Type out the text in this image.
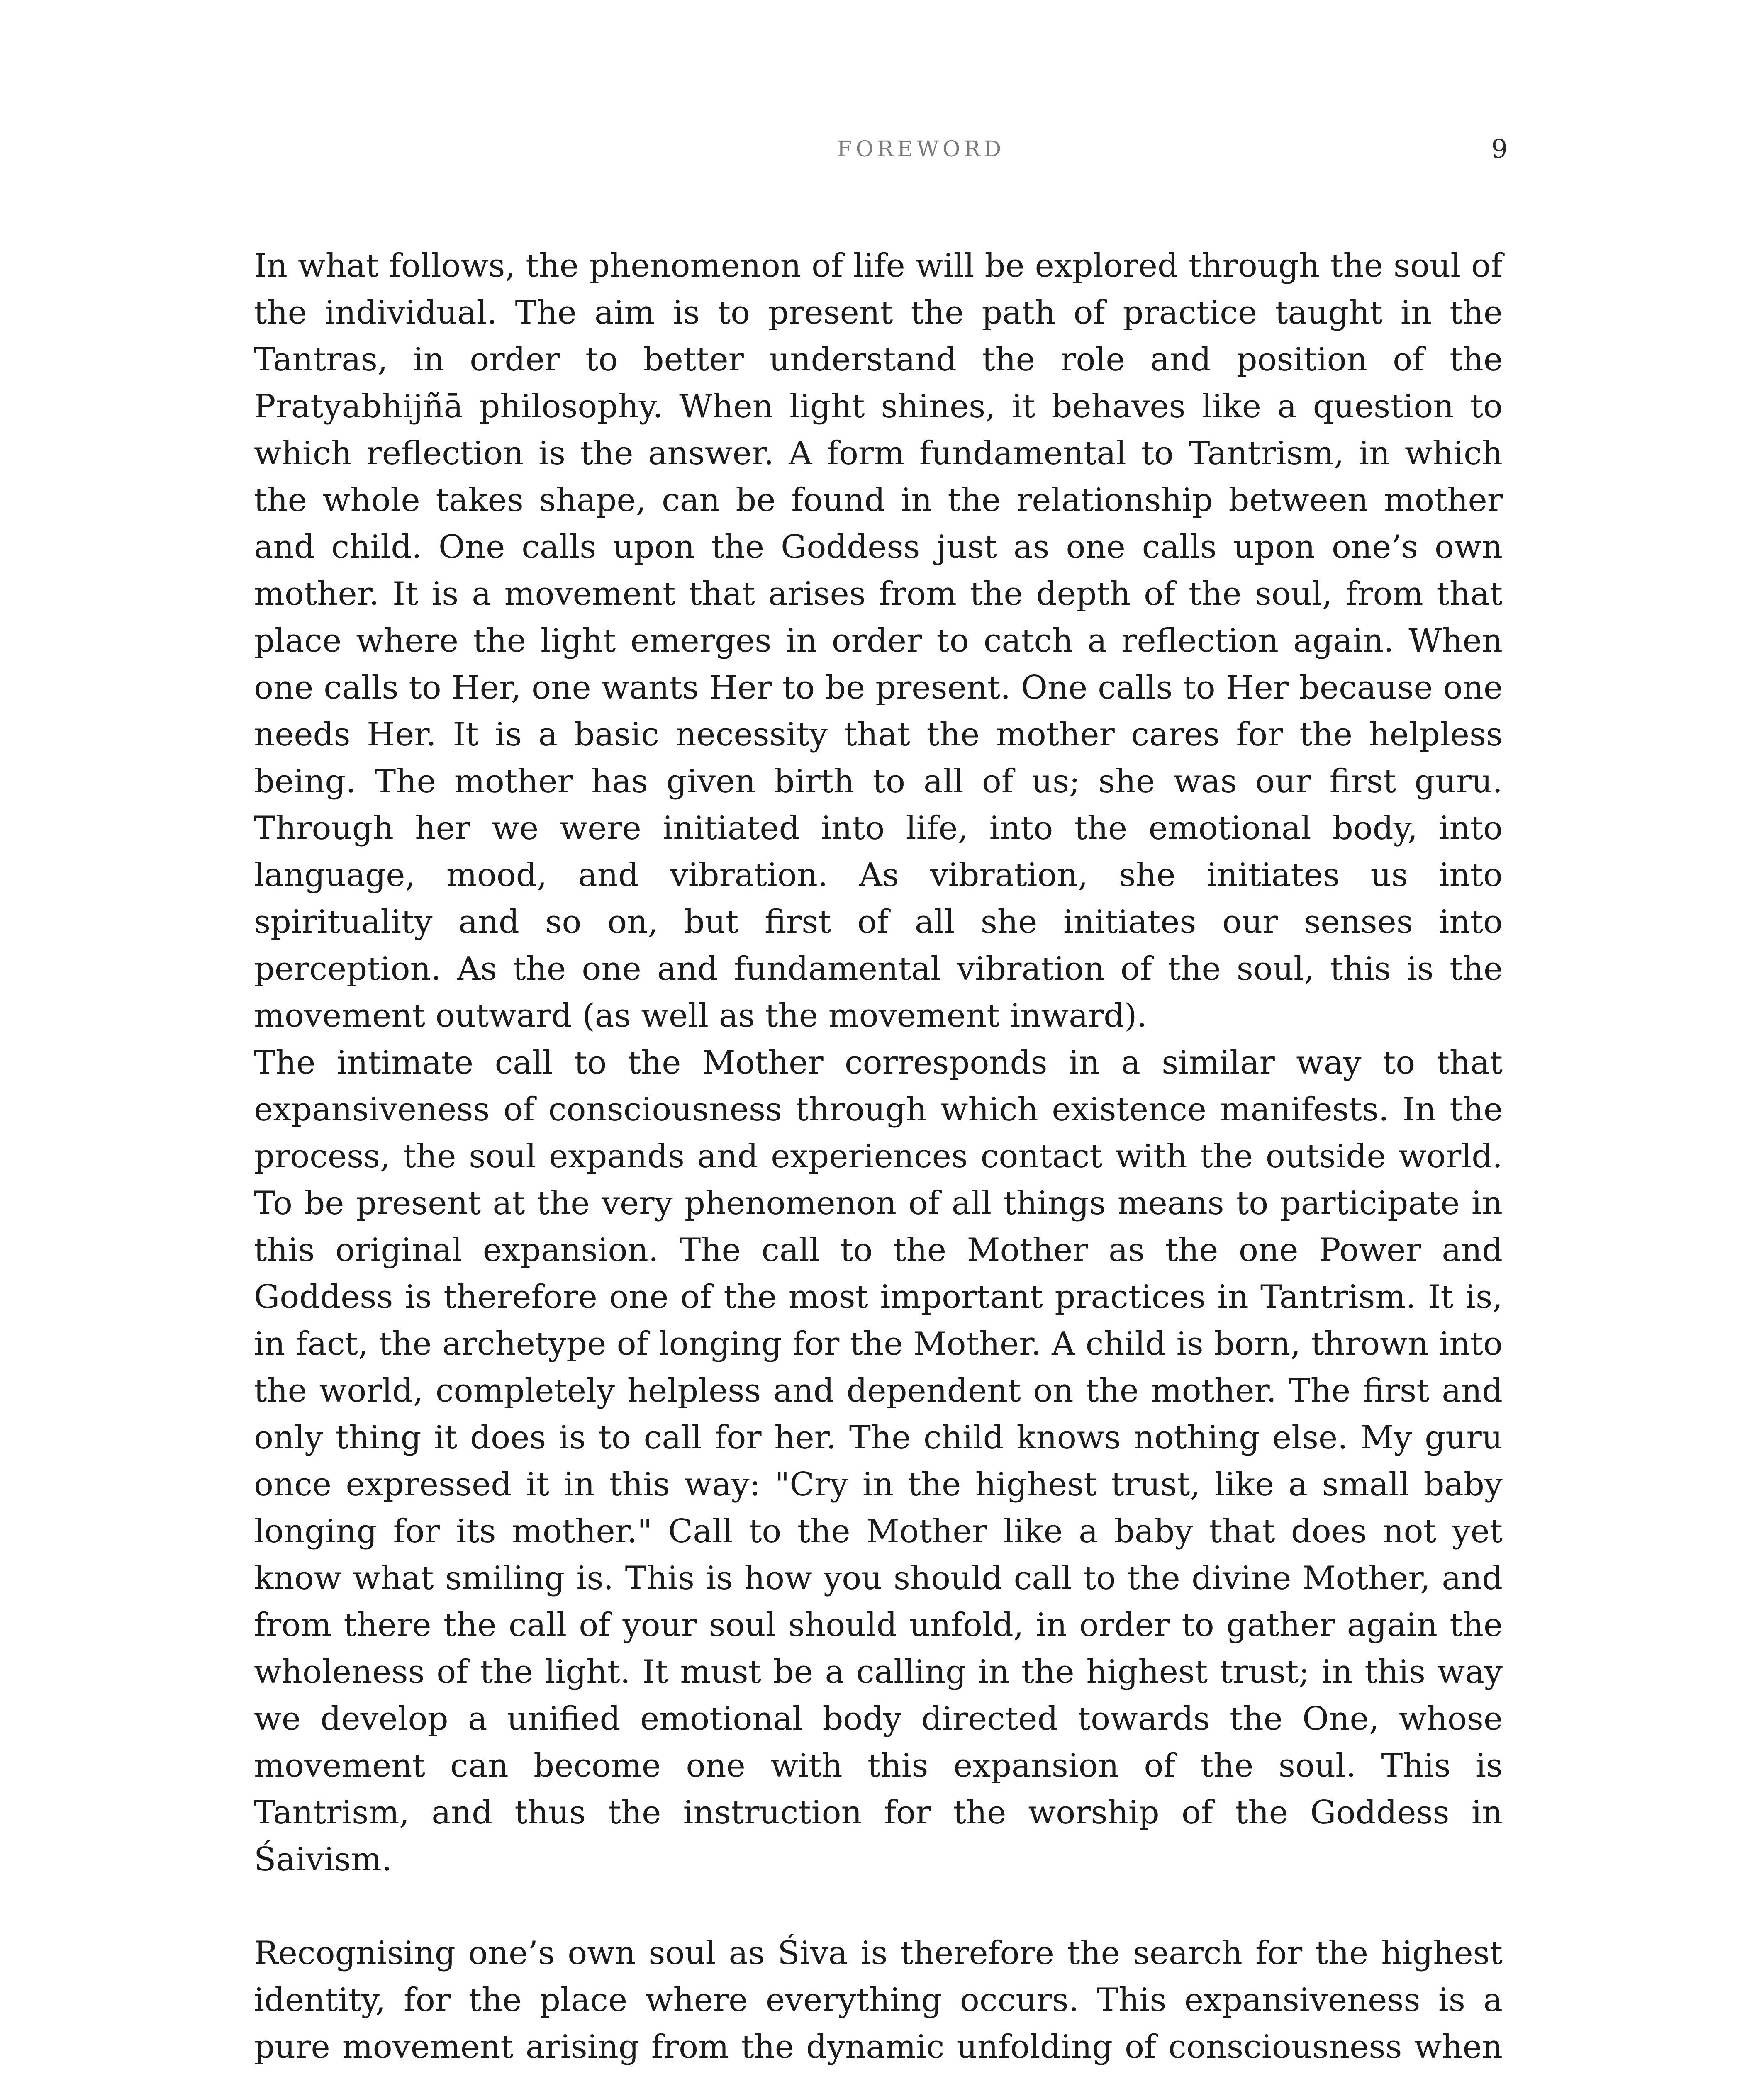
FOREWORD	9

In what follows, the phenomenon of life will be explored through the soul of the individual. The aim is to present the path of practice taught in the Tantras, in order to better understand the role and position of the Pratyabhijñā philosophy. When light shines, it behaves like a question to which reflection is the answer. A form fundamental to Tantrism, in which the whole takes shape, can be found in the relationship between mother and child. One calls upon the Goddess just as one calls upon one’s own mother. It is a movement that arises from the depth of the soul, from that place where the light emerges in order to catch a reflection again. When one calls to Her, one wants Her to be present. One calls to Her because one needs Her. It is a basic necessity that the mother cares for the helpless being. The mother has given birth to all of us; she was our first guru. Through her we were initiated into life, into the emotional body, into language, mood, and vibration. As vibration, she initiates us into spirituality and so on, but first of all she initiates our senses into perception. As the one and fundamental vibration of the soul, this is the movement outward (as well as the movement inward).

The intimate call to the Mother corresponds in a similar way to that expansiveness of consciousness through which existence manifests. In the process, the soul expands and experiences contact with the outside world. To be present at the very phenomenon of all things means to participate in this original expansion. The call to the Mother as the one Power and Goddess is therefore one of the most important practices in Tantrism. It is, in fact, the archetype of longing for the Mother. A child is born, thrown into the world, completely helpless and dependent on the mother. The first and only thing it does is to call for her. The child knows nothing else. My guru once expressed it in this way: "Cry in the highest trust, like a small baby longing for its mother." Call to the Mother like a baby that does not yet know what smiling is. This is how you should call to the divine Mother, and from there the call of your soul should unfold, in order to gather again the wholeness of the light. It must be a calling in the highest trust; in this way we develop a unified emotional body directed towards the One, whose movement can become one with this expansion of the soul. This is Tantrism, and thus the instruction for the worship of the Goddess in Śaivism.

Recognising one’s own soul as Śiva is therefore the search for the highest identity, for the place where everything occurs. This expansiveness is a pure movement arising from the dynamic unfolding of consciousness when
